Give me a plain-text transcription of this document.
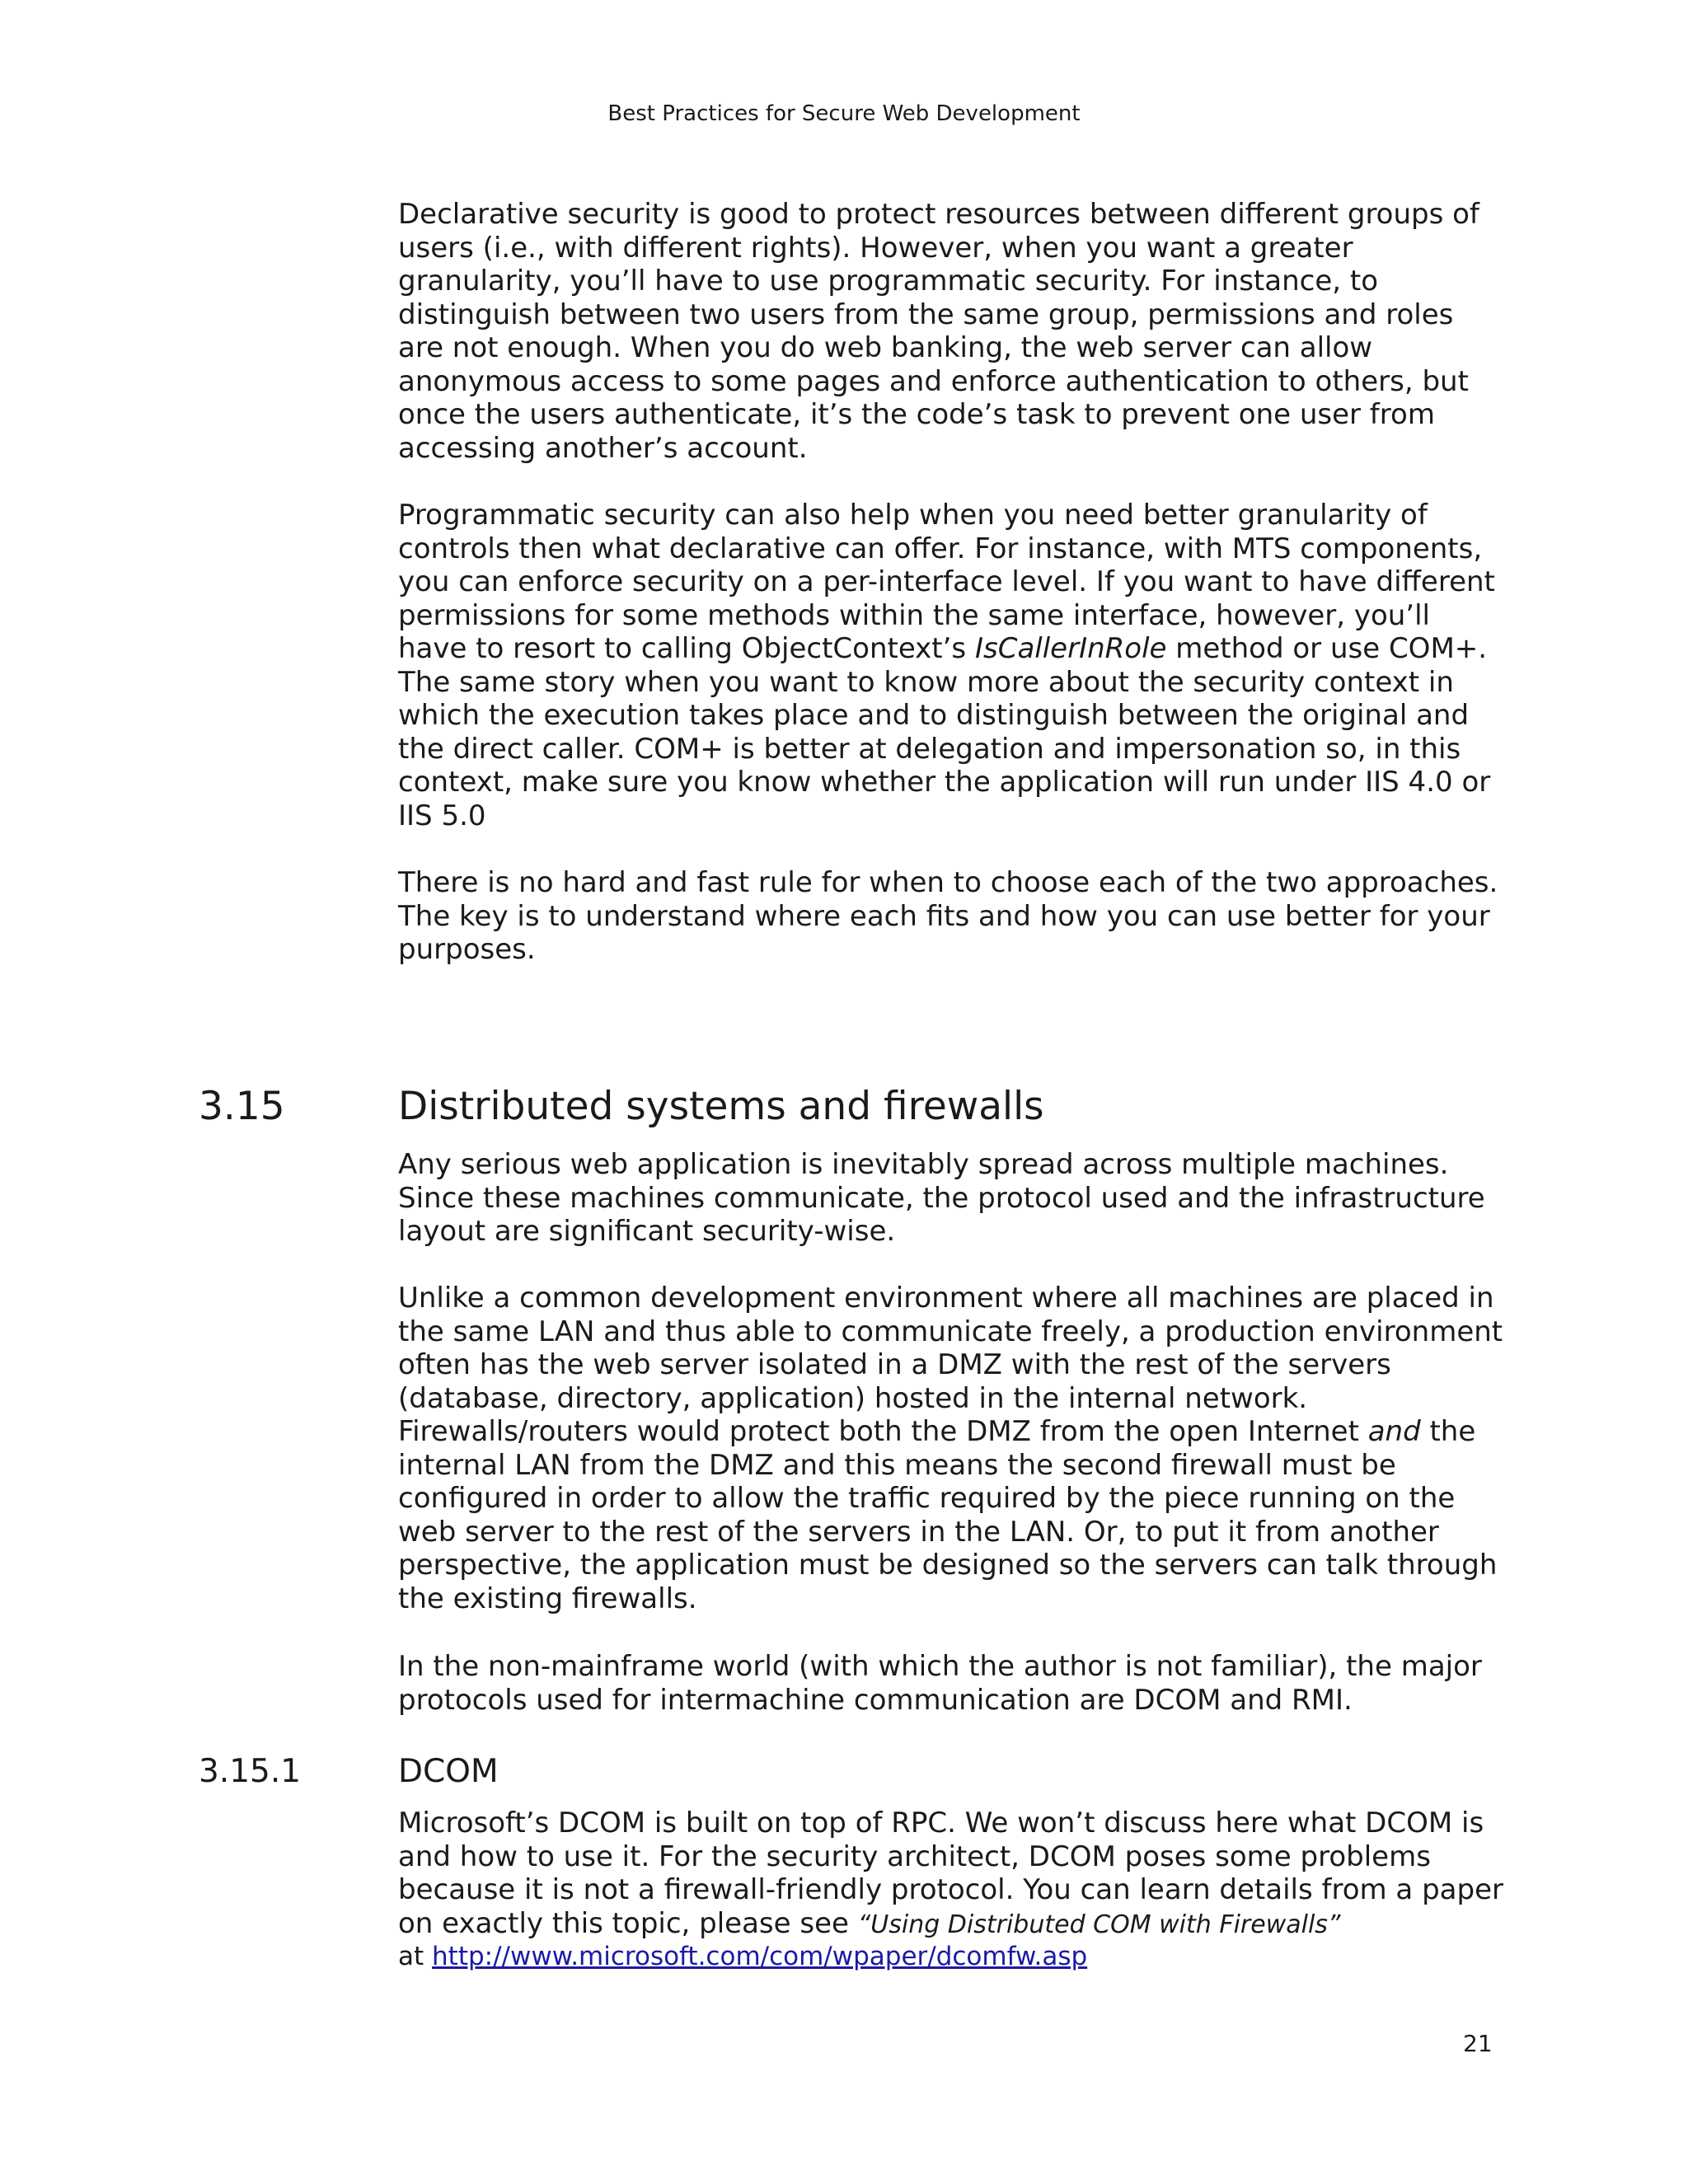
Best Practices for Secure Web Development

Declarative security is good to protect resources between different groups of users (i.e., with different rights). However, when you want a greater granularity, you’ll have to use programmatic security. For instance, to distinguish between two users from the same group, permissions and roles are not enough. When you do web banking, the web server can allow anonymous access to some pages and enforce authentication to others, but once the users authenticate, it’s the code’s task to prevent one user from accessing another’s account.

Programmatic security can also help when you need better granularity of controls then what declarative can offer. For instance, with MTS components, you can enforce security on a per-interface level. If you want to have different permissions for some methods within the same interface, however, you’ll have to resort to calling ObjectContext’s IsCallerInRole method or use COM+. The same story when you want to know more about the security context in which the execution takes place and to distinguish between the original and the direct caller. COM+ is better at delegation and impersonation so, in this context, make sure you know whether the application will run under IIS 4.0 or IIS 5.0

There is no hard and fast rule for when to choose each of the two approaches. The key is to understand where each fits and how you can use better for your purposes.

3.15	Distributed systems and firewalls

Any serious web application is inevitably spread across multiple machines. Since these machines communicate, the protocol used and the infrastructure layout are significant security-wise.

Unlike a common development environment where all machines are placed in the same LAN and thus able to communicate freely, a production environment often has the web server isolated in a DMZ with the rest of the servers (database, directory, application) hosted in the internal network. Firewalls/routers would protect both the DMZ from the open Internet and the internal LAN from the DMZ and this means the second firewall must be configured in order to allow the traffic required by the piece running on the web server to the rest of the servers in the LAN. Or, to put it from another perspective, the application must be designed so the servers can talk through the existing firewalls.

In the non-mainframe world (with which the author is not familiar), the major protocols used for intermachine communication are DCOM and RMI.

3.15.1	DCOM

Microsoft’s DCOM is built on top of RPC. We won’t discuss here what DCOM is and how to use it. For the security architect, DCOM poses some problems because it is not a firewall-friendly protocol. You can learn details from a paper on exactly this topic, please see “Using Distributed COM with Firewalls”

at http://www.microsoft.com/com/wpaper/dcomfw.asp

21
